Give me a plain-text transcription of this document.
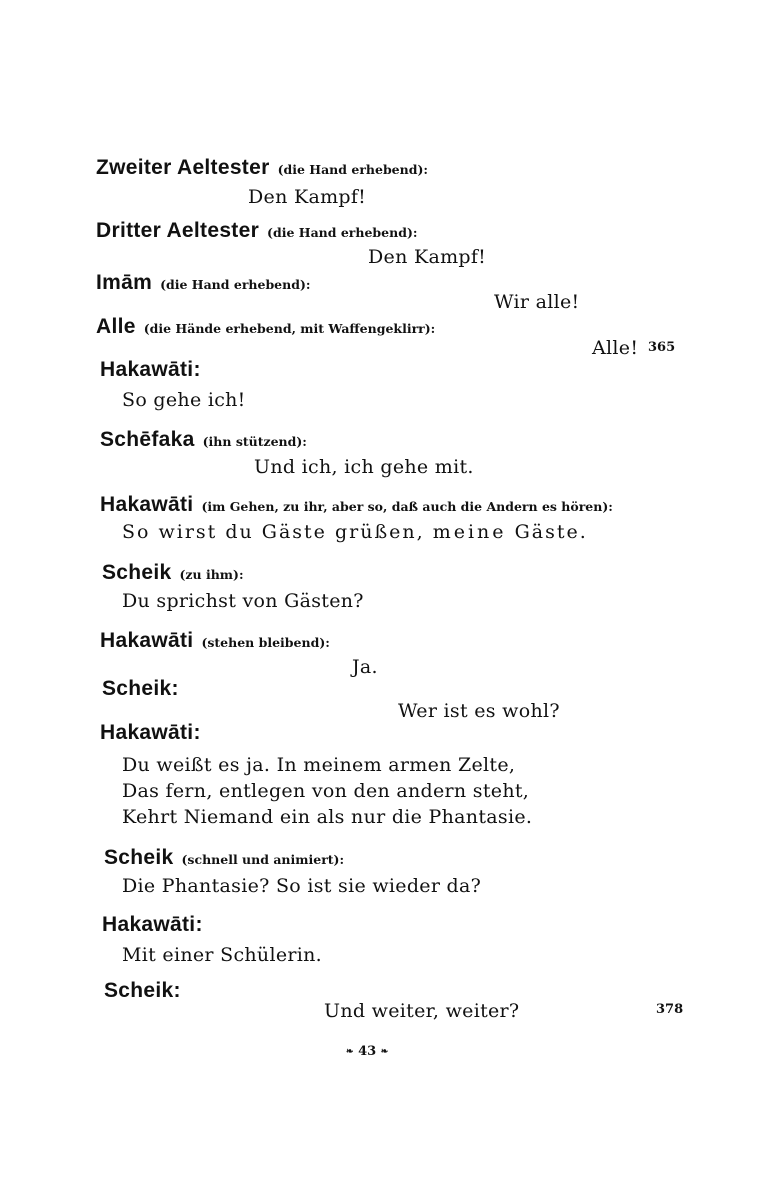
Zweiter Aeltester (die Hand erhebend):
Den Kampf!
Dritter Aeltester (die Hand erhebend):
Den Kampf!
Imām (die Hand erhebend):
Wir alle!
Alle (die Hände erhebend, mit Waffengeklirr):
Alle! 365
Hakawāti:
So gehe ich!
Schēfaka (ihn stützend):
Und ich, ich gehe mit.
Hakawāti (im Gehen, zu ihr, aber so, daß auch die Andern es hören):
So wirst du Gäste grüßen, meine Gäste.
Scheik (zu ihm):
Du sprichst von Gästen?
Hakawāti (stehen bleibend):
Ja.
Scheik:
Wer ist es wohl?
Hakawāti:
Du weißt es ja. In meinem armen Zelte,
Das fern, entlegen von den andern steht,
Kehrt Niemand ein als nur die Phantasie.
Scheik (schnell und animiert):
Die Phantasie? So ist sie wieder da?
Hakawāti:
Mit einer Schülerin.
Scheik:
Und weiter, weiter?	378
❧ 43 ❧
